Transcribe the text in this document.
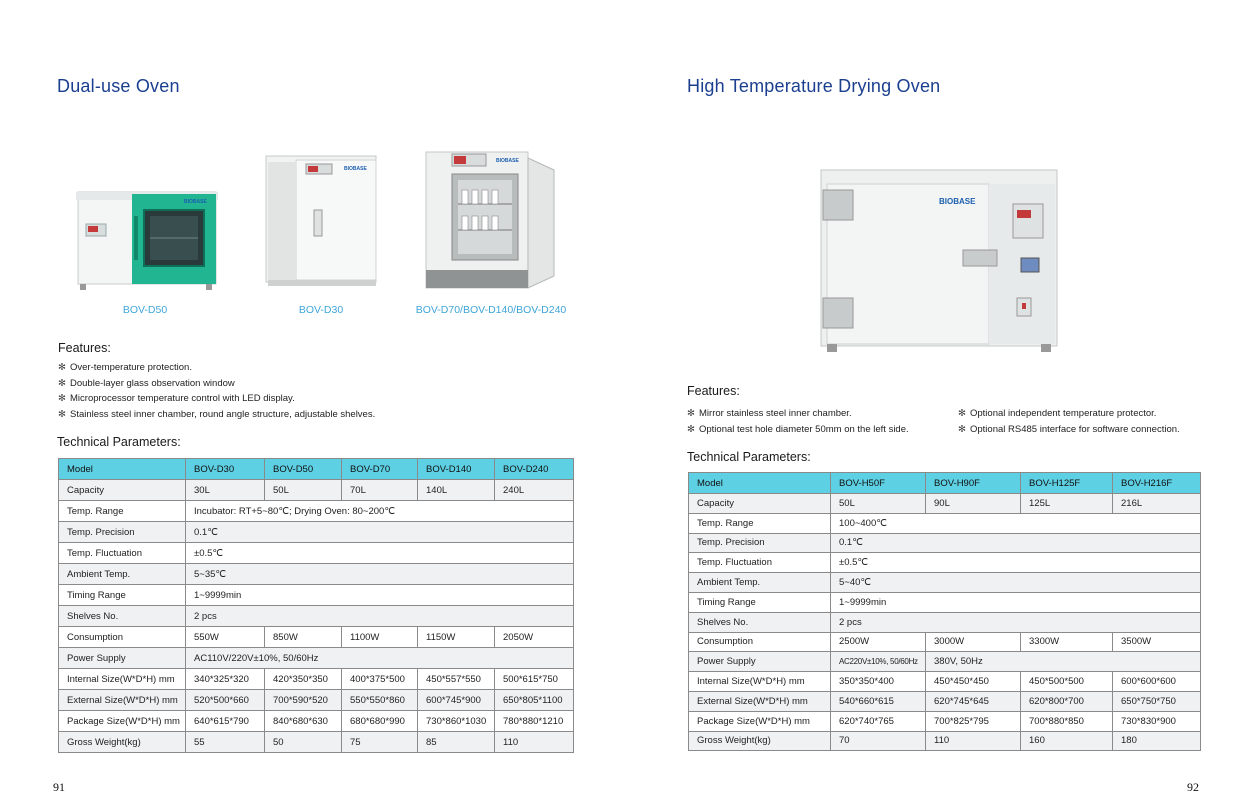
Dual-use Oven
BIOBASE
BOV-D50
BIOBASE
BOV-D30
BIOBASE
BOV-D70/BOV-D140/BOV-D240
Features:
✻ Over-temperature protection.
✻ Double-layer glass observation window
✻ Microprocessor temperature control with LED display.
✻ Stainless steel inner chamber, round angle structure, adjustable shelves.
Technical Parameters:
Model	BOV-D30	BOV-D50	BOV-D70	BOV-D140	BOV-D240
Capacity	30L	50L	70L	140L	240L
Temp. Range	Incubator: RT+5~80℃; Drying Oven: 80~200℃				
Temp. Precision	0.1℃				
Temp. Fluctuation	±0.5℃				
Ambient Temp.	5~35℃				
Timing Range	1~9999min				
Shelves No.	2 pcs				
Consumption	550W	850W	1100W	1150W	2050W
Power Supply	AC110V/220V±10%, 50/60Hz				
Internal Size(W*D*H) mm	340*325*320	420*350*350	400*375*500	450*557*550	500*615*750
External Size(W*D*H) mm	520*500*660	700*590*520	550*550*860	600*745*900	650*805*1100
Package Size(W*D*H) mm	640*615*790	840*680*630	680*680*990	730*860*1030	780*880*1210
Gross Weight(kg)	55	50	75	85	110
91
High Temperature Drying Oven
BIOBASE
Features:
✻ Mirror stainless steel inner chamber.
✻ Optional test hole diameter 50mm on the left side.
✻ Optional independent temperature protector.
✻ Optional RS485 interface for software connection.
Technical Parameters:
Model	BOV-H50F	BOV-H90F	BOV-H125F	BOV-H216F
Capacity	50L	90L	125L	216L
Temp. Range	100~400℃			
Temp. Precision	0.1℃			
Temp. Fluctuation	±0.5℃			
Ambient Temp.	5~40℃			
Timing Range	1~9999min			
Shelves No.	2 pcs			
Consumption	2500W	3000W	3300W	3500W
Power Supply	AC220V±10%, 50/60Hz	380V, 50Hz		
Internal Size(W*D*H) mm	350*350*400	450*450*450	450*500*500	600*600*600
External Size(W*D*H) mm	540*660*615	620*745*645	620*800*700	650*750*750
Package Size(W*D*H) mm	620*740*765	700*825*795	700*880*850	730*830*900
Gross Weight(kg)	70	110	160	180
92
